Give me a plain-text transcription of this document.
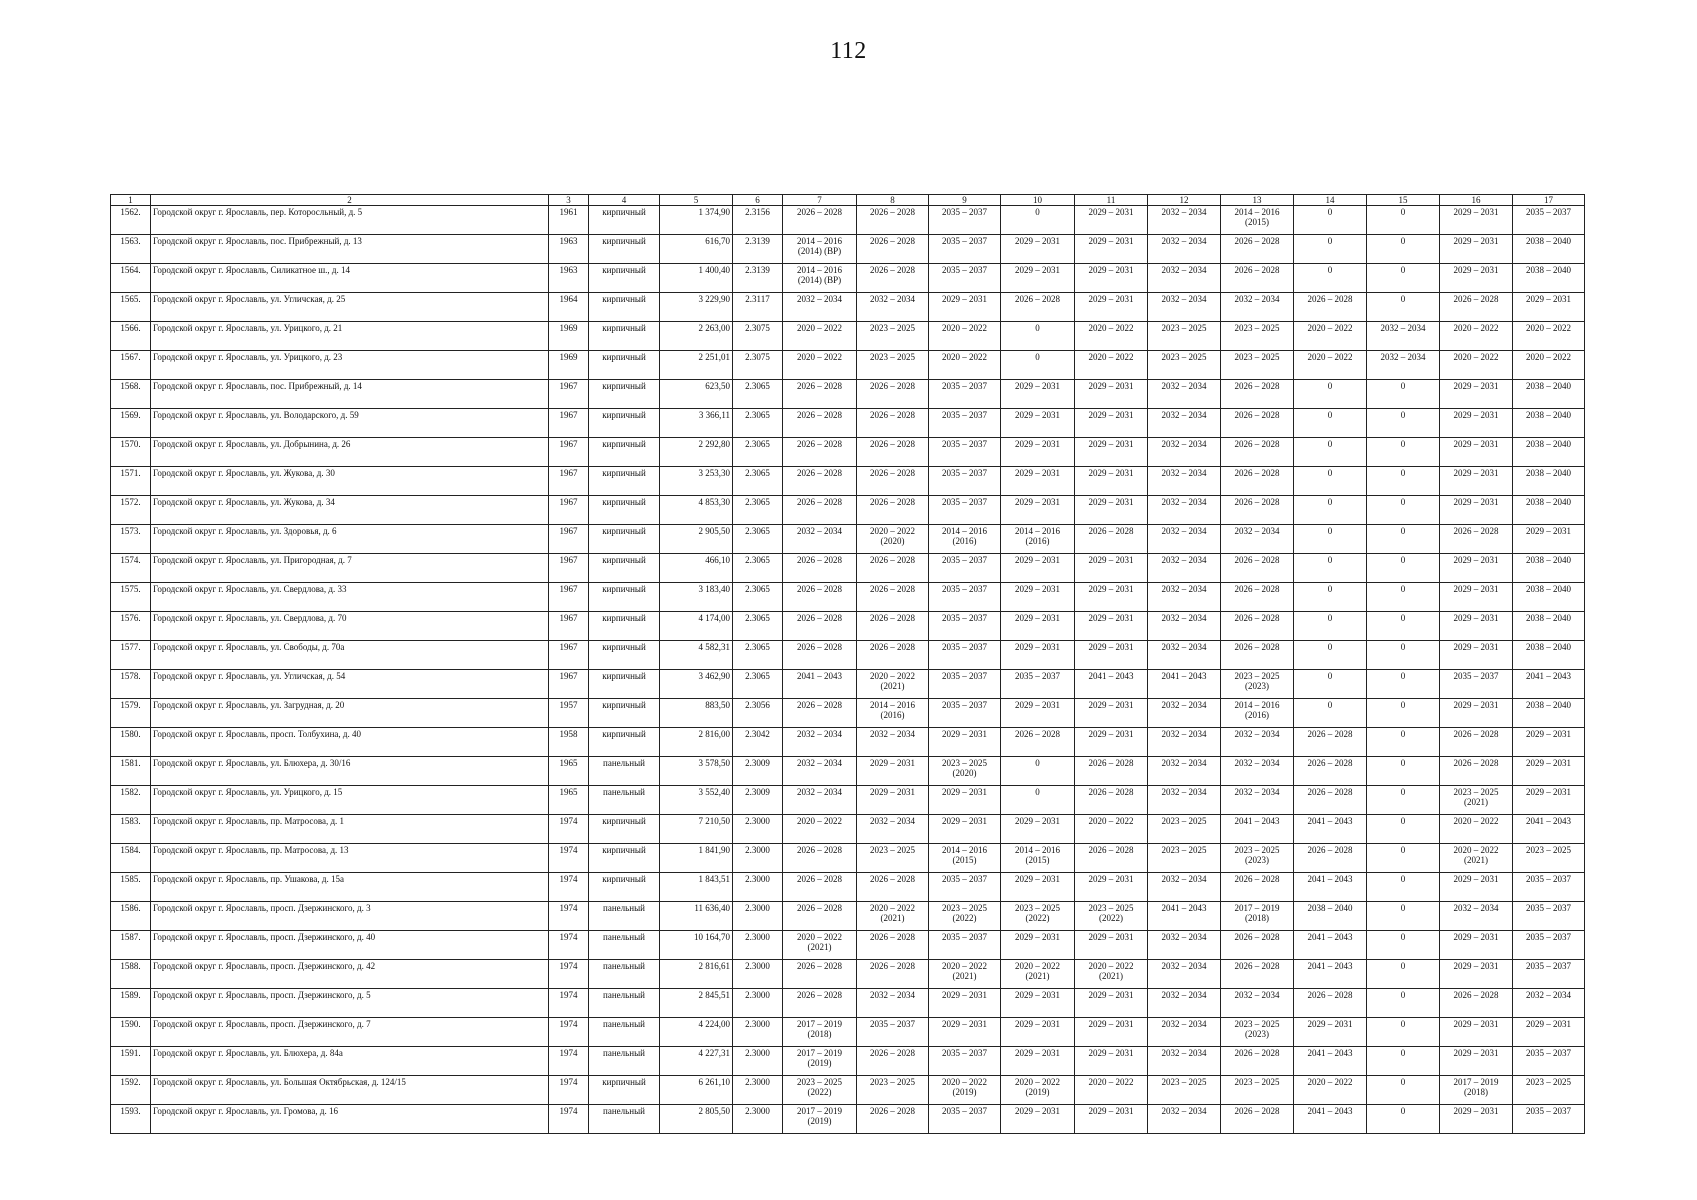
112
1	2	3	4	5	6	7	8	9	10	11	12	13	14	15	16	17
1562.	Городской округ г. Ярославль, пер. Которосльный, д. 5	1961	кирпичный	1 374,90	2.3156	2026 – 2028	2026 – 2028	2035 – 2037	0	2029 – 2031	2032 – 2034	2014 – 2016
(2015)	0	0	2029 – 2031	2035 – 2037
1563.	Городской округ г. Ярославль, пос. Прибрежный, д. 13	1963	кирпичный	616,70	2.3139	2014 – 2016
(2014) (ВР)	2026 – 2028	2035 – 2037	2029 – 2031	2029 – 2031	2032 – 2034	2026 – 2028	0	0	2029 – 2031	2038 – 2040
1564.	Городской округ г. Ярославль, Силикатное ш., д. 14	1963	кирпичный	1 400,40	2.3139	2014 – 2016
(2014) (ВР)	2026 – 2028	2035 – 2037	2029 – 2031	2029 – 2031	2032 – 2034	2026 – 2028	0	0	2029 – 2031	2038 – 2040
1565.	Городской округ г. Ярославль, ул. Угличская, д. 25	1964	кирпичный	3 229,90	2.3117	2032 – 2034	2032 – 2034	2029 – 2031	2026 – 2028	2029 – 2031	2032 – 2034	2032 – 2034	2026 – 2028	0	2026 – 2028	2029 – 2031
1566.	Городской округ г. Ярославль, ул. Урицкого, д. 21	1969	кирпичный	2 263,00	2.3075	2020 – 2022	2023 – 2025	2020 – 2022	0	2020 – 2022	2023 – 2025	2023 – 2025	2020 – 2022	2032 – 2034	2020 – 2022	2020 – 2022
1567.	Городской округ г. Ярославль, ул. Урицкого, д. 23	1969	кирпичный	2 251,01	2.3075	2020 – 2022	2023 – 2025	2020 – 2022	0	2020 – 2022	2023 – 2025	2023 – 2025	2020 – 2022	2032 – 2034	2020 – 2022	2020 – 2022
1568.	Городской округ г. Ярославль, пос. Прибрежный, д. 14	1967	кирпичный	623,50	2.3065	2026 – 2028	2026 – 2028	2035 – 2037	2029 – 2031	2029 – 2031	2032 – 2034	2026 – 2028	0	0	2029 – 2031	2038 – 2040
1569.	Городской округ г. Ярославль, ул. Володарского, д. 59	1967	кирпичный	3 366,11	2.3065	2026 – 2028	2026 – 2028	2035 – 2037	2029 – 2031	2029 – 2031	2032 – 2034	2026 – 2028	0	0	2029 – 2031	2038 – 2040
1570.	Городской округ г. Ярославль, ул. Добрынина, д. 26	1967	кирпичный	2 292,80	2.3065	2026 – 2028	2026 – 2028	2035 – 2037	2029 – 2031	2029 – 2031	2032 – 2034	2026 – 2028	0	0	2029 – 2031	2038 – 2040
1571.	Городской округ г. Ярославль, ул. Жукова, д. 30	1967	кирпичный	3 253,30	2.3065	2026 – 2028	2026 – 2028	2035 – 2037	2029 – 2031	2029 – 2031	2032 – 2034	2026 – 2028	0	0	2029 – 2031	2038 – 2040
1572.	Городской округ г. Ярославль, ул. Жукова, д. 34	1967	кирпичный	4 853,30	2.3065	2026 – 2028	2026 – 2028	2035 – 2037	2029 – 2031	2029 – 2031	2032 – 2034	2026 – 2028	0	0	2029 – 2031	2038 – 2040
1573.	Городской округ г. Ярославль, ул. Здоровья, д. 6	1967	кирпичный	2 905,50	2.3065	2032 – 2034	2020 – 2022
(2020)	2014 – 2016
(2016)	2014 – 2016
(2016)	2026 – 2028	2032 – 2034	2032 – 2034	0	0	2026 – 2028	2029 – 2031
1574.	Городской округ г. Ярославль, ул. Пригородная, д. 7	1967	кирпичный	466,10	2.3065	2026 – 2028	2026 – 2028	2035 – 2037	2029 – 2031	2029 – 2031	2032 – 2034	2026 – 2028	0	0	2029 – 2031	2038 – 2040
1575.	Городской округ г. Ярославль, ул. Свердлова, д. 33	1967	кирпичный	3 183,40	2.3065	2026 – 2028	2026 – 2028	2035 – 2037	2029 – 2031	2029 – 2031	2032 – 2034	2026 – 2028	0	0	2029 – 2031	2038 – 2040
1576.	Городской округ г. Ярославль, ул. Свердлова, д. 70	1967	кирпичный	4 174,00	2.3065	2026 – 2028	2026 – 2028	2035 – 2037	2029 – 2031	2029 – 2031	2032 – 2034	2026 – 2028	0	0	2029 – 2031	2038 – 2040
1577.	Городской округ г. Ярославль, ул. Свободы, д. 70а	1967	кирпичный	4 582,31	2.3065	2026 – 2028	2026 – 2028	2035 – 2037	2029 – 2031	2029 – 2031	2032 – 2034	2026 – 2028	0	0	2029 – 2031	2038 – 2040
1578.	Городской округ г. Ярославль, ул. Угличская, д. 54	1967	кирпичный	3 462,90	2.3065	2041 – 2043	2020 – 2022
(2021)	2035 – 2037	2035 – 2037	2041 – 2043	2041 – 2043	2023 – 2025
(2023)	0	0	2035 – 2037	2041 – 2043
1579.	Городской округ г. Ярославль, ул. Загрудная, д. 20	1957	кирпичный	883,50	2.3056	2026 – 2028	2014 – 2016
(2016)	2035 – 2037	2029 – 2031	2029 – 2031	2032 – 2034	2014 – 2016
(2016)	0	0	2029 – 2031	2038 – 2040
1580.	Городской округ г. Ярославль, просп. Толбухина, д. 40	1958	кирпичный	2 816,00	2.3042	2032 – 2034	2032 – 2034	2029 – 2031	2026 – 2028	2029 – 2031	2032 – 2034	2032 – 2034	2026 – 2028	0	2026 – 2028	2029 – 2031
1581.	Городской округ г. Ярославль, ул. Блюхера, д. 30/16	1965	панельный	3 578,50	2.3009	2032 – 2034	2029 – 2031	2023 – 2025
(2020)	0	2026 – 2028	2032 – 2034	2032 – 2034	2026 – 2028	0	2026 – 2028	2029 – 2031
1582.	Городской округ г. Ярославль, ул. Урицкого, д. 15	1965	панельный	3 552,40	2.3009	2032 – 2034	2029 – 2031	2029 – 2031	0	2026 – 2028	2032 – 2034	2032 – 2034	2026 – 2028	0	2023 – 2025
(2021)	2029 – 2031
1583.	Городской округ г. Ярославль, пр. Матросова, д. 1	1974	кирпичный	7 210,50	2.3000	2020 – 2022	2032 – 2034	2029 – 2031	2029 – 2031	2020 – 2022	2023 – 2025	2041 – 2043	2041 – 2043	0	2020 – 2022	2041 – 2043
1584.	Городской округ г. Ярославль, пр. Матросова, д. 13	1974	кирпичный	1 841,90	2.3000	2026 – 2028	2023 – 2025	2014 – 2016
(2015)	2014 – 2016
(2015)	2026 – 2028	2023 – 2025	2023 – 2025
(2023)	2026 – 2028	0	2020 – 2022
(2021)	2023 – 2025
1585.	Городской округ г. Ярославль, пр. Ушакова, д. 15а	1974	кирпичный	1 843,51	2.3000	2026 – 2028	2026 – 2028	2035 – 2037	2029 – 2031	2029 – 2031	2032 – 2034	2026 – 2028	2041 – 2043	0	2029 – 2031	2035 – 2037
1586.	Городской округ г. Ярославль, просп. Дзержинского, д. 3	1974	панельный	11 636,40	2.3000	2026 – 2028	2020 – 2022
(2021)	2023 – 2025
(2022)	2023 – 2025
(2022)	2023 – 2025
(2022)	2041 – 2043	2017 – 2019
(2018)	2038 – 2040	0	2032 – 2034	2035 – 2037
1587.	Городской округ г. Ярославль, просп. Дзержинского, д. 40	1974	панельный	10 164,70	2.3000	2020 – 2022
(2021)	2026 – 2028	2035 – 2037	2029 – 2031	2029 – 2031	2032 – 2034	2026 – 2028	2041 – 2043	0	2029 – 2031	2035 – 2037
1588.	Городской округ г. Ярославль, просп. Дзержинского, д. 42	1974	панельный	2 816,61	2.3000	2026 – 2028	2026 – 2028	2020 – 2022
(2021)	2020 – 2022
(2021)	2020 – 2022
(2021)	2032 – 2034	2026 – 2028	2041 – 2043	0	2029 – 2031	2035 – 2037
1589.	Городской округ г. Ярославль, просп. Дзержинского, д. 5	1974	панельный	2 845,51	2.3000	2026 – 2028	2032 – 2034	2029 – 2031	2029 – 2031	2029 – 2031	2032 – 2034	2032 – 2034	2026 – 2028	0	2026 – 2028	2032 – 2034
1590.	Городской округ г. Ярославль, просп. Дзержинского, д. 7	1974	панельный	4 224,00	2.3000	2017 – 2019
(2018)	2035 – 2037	2029 – 2031	2029 – 2031	2029 – 2031	2032 – 2034	2023 – 2025
(2023)	2029 – 2031	0	2029 – 2031	2029 – 2031
1591.	Городской округ г. Ярославль, ул. Блюхера, д. 84а	1974	панельный	4 227,31	2.3000	2017 – 2019
(2019)	2026 – 2028	2035 – 2037	2029 – 2031	2029 – 2031	2032 – 2034	2026 – 2028	2041 – 2043	0	2029 – 2031	2035 – 2037
1592.	Городской округ г. Ярославль, ул. Большая Октябрьская, д. 124/15	1974	кирпичный	6 261,10	2.3000	2023 – 2025
(2022)	2023 – 2025	2020 – 2022
(2019)	2020 – 2022
(2019)	2020 – 2022	2023 – 2025	2023 – 2025	2020 – 2022	0	2017 – 2019
(2018)	2023 – 2025
1593.	Городской округ г. Ярославль, ул. Громова, д. 16	1974	панельный	2 805,50	2.3000	2017 – 2019
(2019)	2026 – 2028	2035 – 2037	2029 – 2031	2029 – 2031	2032 – 2034	2026 – 2028	2041 – 2043	0	2029 – 2031	2035 – 2037
